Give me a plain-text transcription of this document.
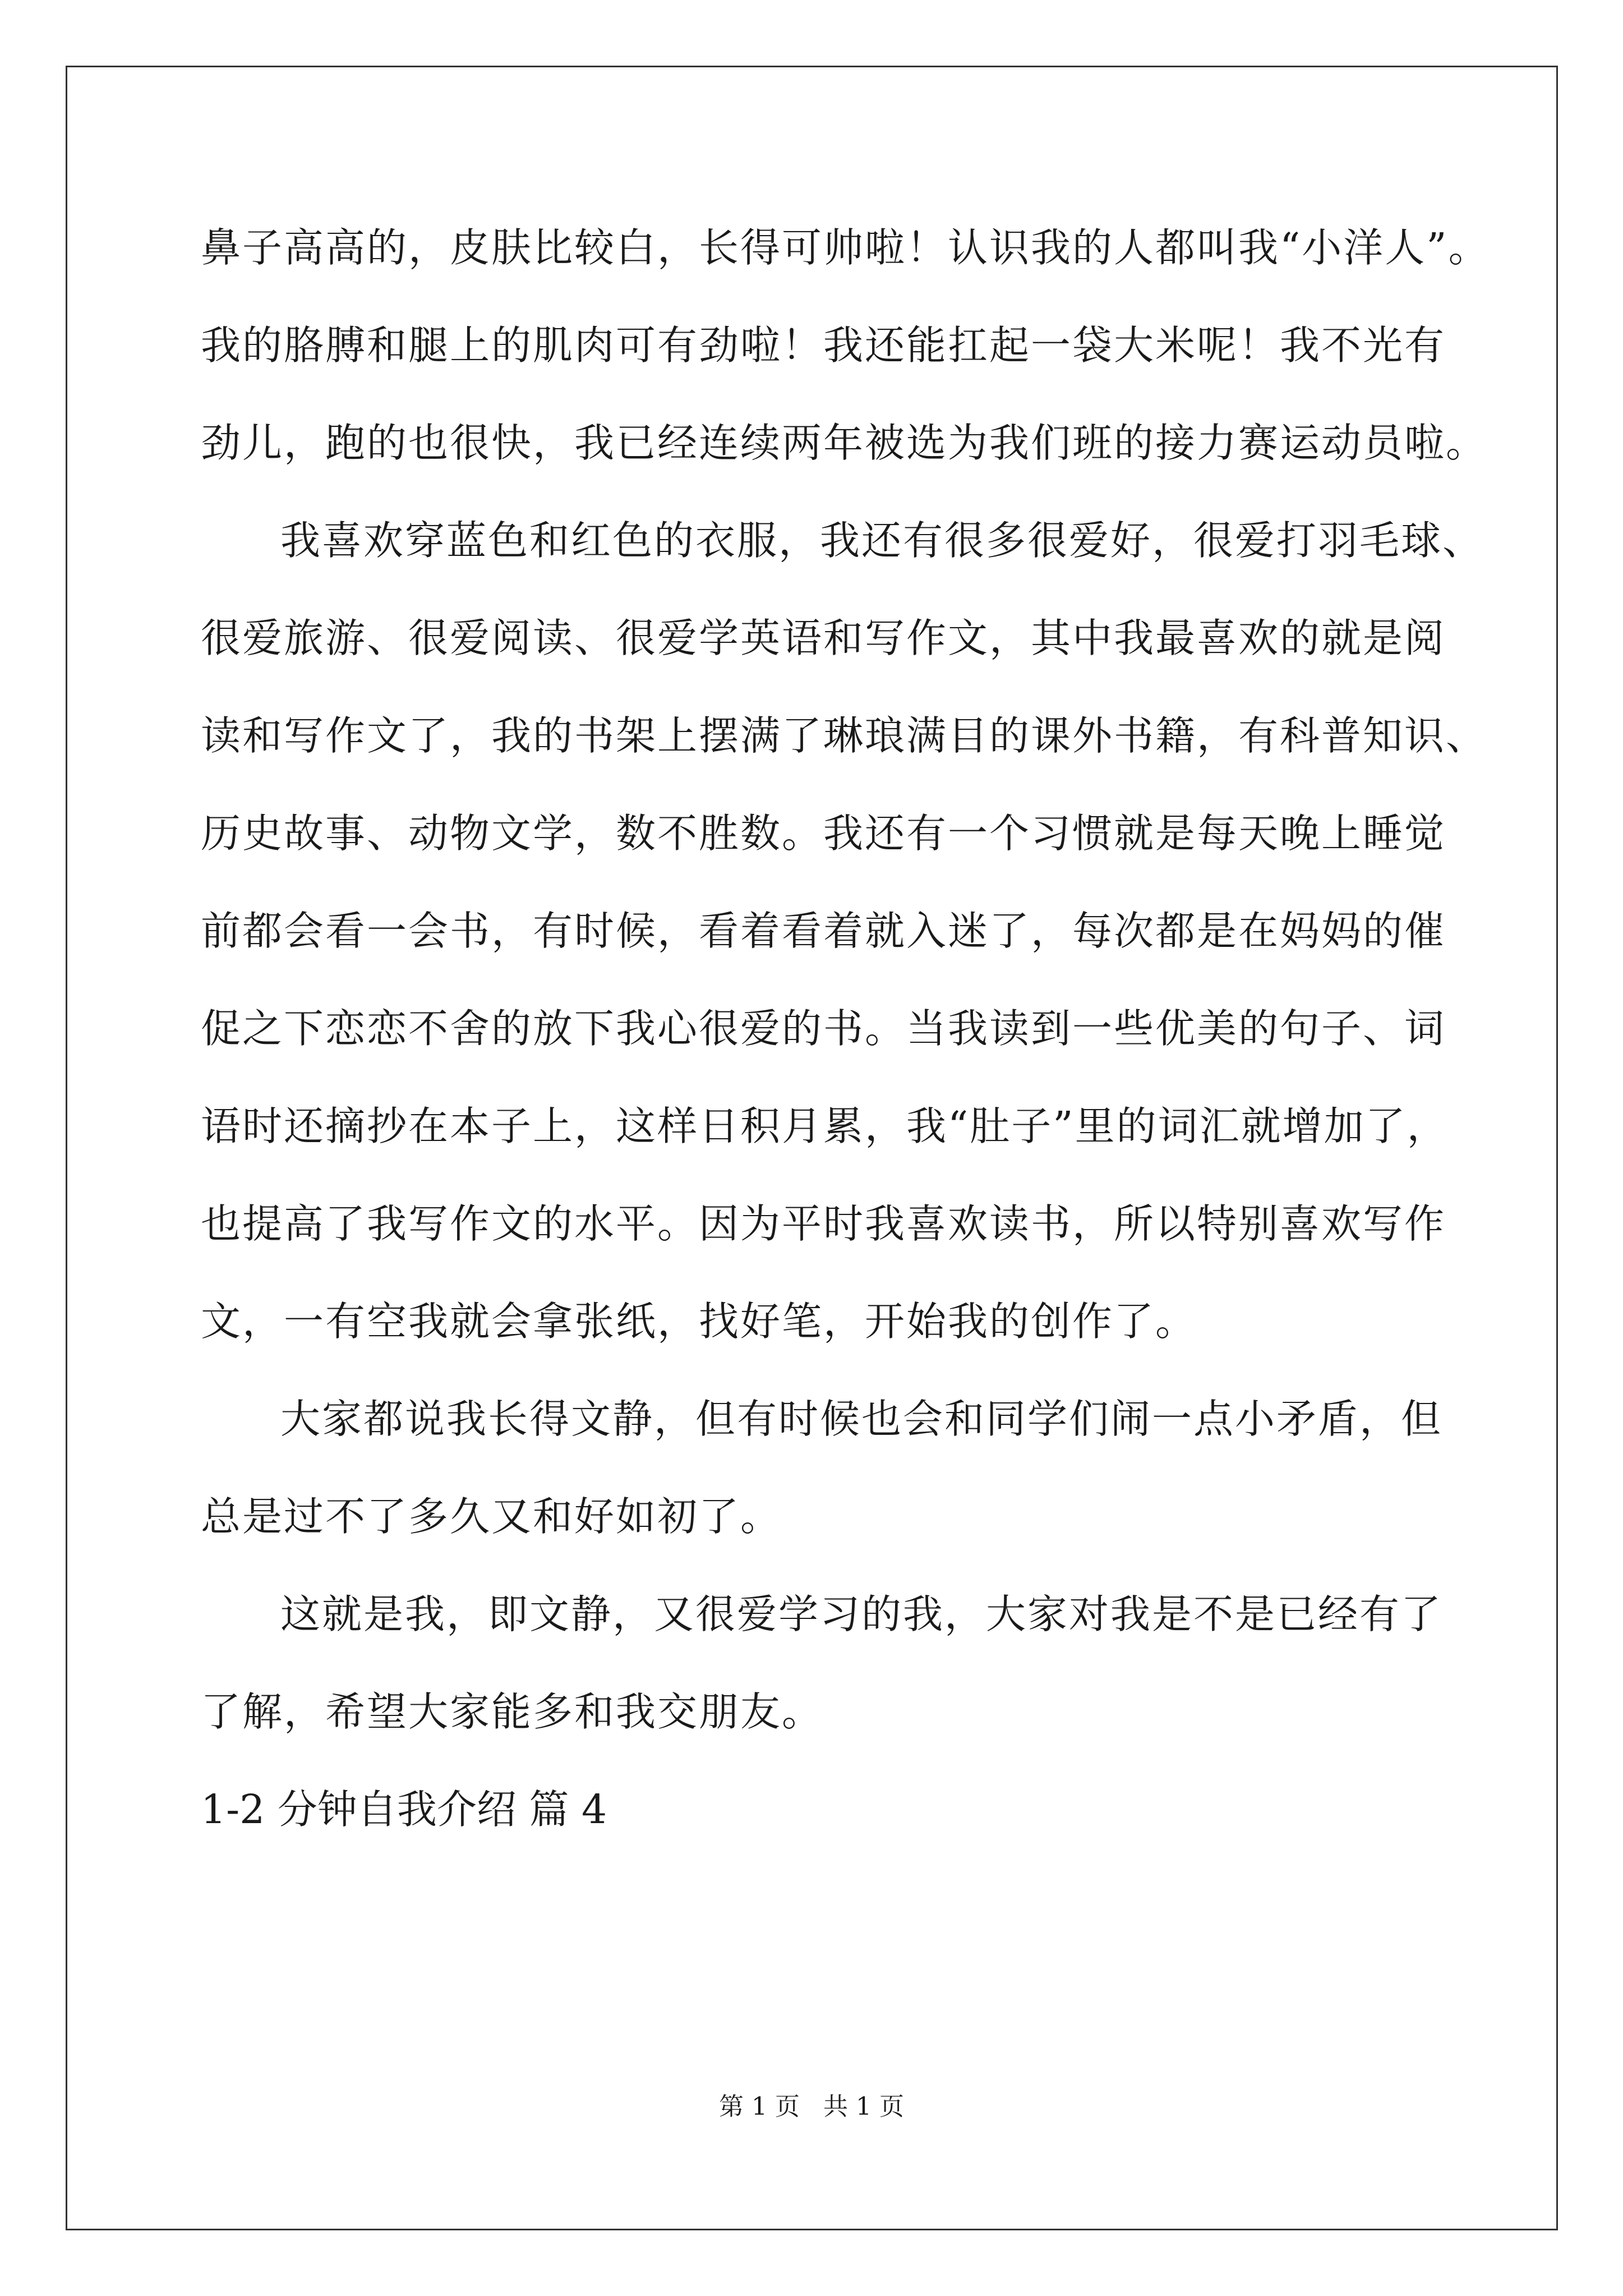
鼻子高高的，皮肤比较白，长得可帅啦！认识我的人都叫我“小洋人”。
我的胳膊和腿上的肌肉可有劲啦！我还能扛起一袋大米呢！我不光有
劲儿，跑的也很快，我已经连续两年被选为我们班的接力赛运动员啦。
我喜欢穿蓝色和红色的衣服，我还有很多很爱好，很爱打羽毛球、
很爱旅游、很爱阅读、很爱学英语和写作文，其中我最喜欢的就是阅
读和写作文了，我的书架上摆满了琳琅满目的课外书籍，有科普知识、
历史故事、动物文学，数不胜数。我还有一个习惯就是每天晚上睡觉
前都会看一会书，有时候，看着看着就入迷了，每次都是在妈妈的催
促之下恋恋不舍的放下我心很爱的书。当我读到一些优美的句子、词
语时还摘抄在本子上，这样日积月累，我“肚子”里的词汇就增加了，
也提高了我写作文的水平。因为平时我喜欢读书，所以特别喜欢写作
文，一有空我就会拿张纸，找好笔，开始我的创作了。
大家都说我长得文静，但有时候也会和同学们闹一点小矛盾，但
总是过不了多久又和好如初了。
这就是我，即文静，又很爱学习的我，大家对我是不是已经有了
了解，希望大家能多和我交朋友。
1-2 分钟自我介绍 篇 4
第 1 页   共 1 页
